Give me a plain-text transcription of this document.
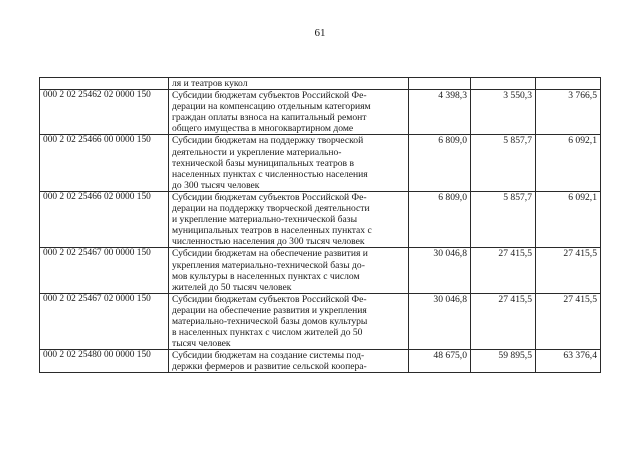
61

	ля и театров кукол			

000 2 02 25462 02 0000 150	Субсидии бюджетам субъектов Российской Фе-
дерации на компенсацию отдельным категориям
граждан оплаты взноса на капитальный ремонт
общего имущества в многоквартирном доме	4 398,3	3 550,3	3 766,5
000 2 02 25466 00 0000 150	Субсидии бюджетам на поддержку творческой
деятельности и укрепление материально-
технической базы муниципальных театров в
населенных пунктах с численностью населения
до 300 тысяч человек	6 809,0	5 857,7	6 092,1
000 2 02 25466 02 0000 150	Субсидии бюджетам субъектов Российской Фе-
дерации на поддержку творческой деятельности
и укрепление материально-технической базы
муниципальных театров в населенных пунктах с
численностью населения до 300 тысяч человек	6 809,0	5 857,7	6 092,1
000 2 02 25467 00 0000 150	Субсидии бюджетам на обеспечение развития и
укрепления материально-технической базы до-
мов культуры в населенных пунктах с числом
жителей до 50 тысяч человек	30 046,8	27 415,5	27 415,5
000 2 02 25467 02 0000 150	Субсидии бюджетам субъектов Российской Фе-
дерации на обеспечение развития и укрепления
материально-технической базы домов культуры
в населенных пунктах с числом жителей до 50
тысяч человек	30 046,8	27 415,5	27 415,5
000 2 02 25480 00 0000 150	Субсидии бюджетам на создание системы под-
держки фермеров и развитие сельской коопера-	48 675,0	59 895,5	63 376,4
